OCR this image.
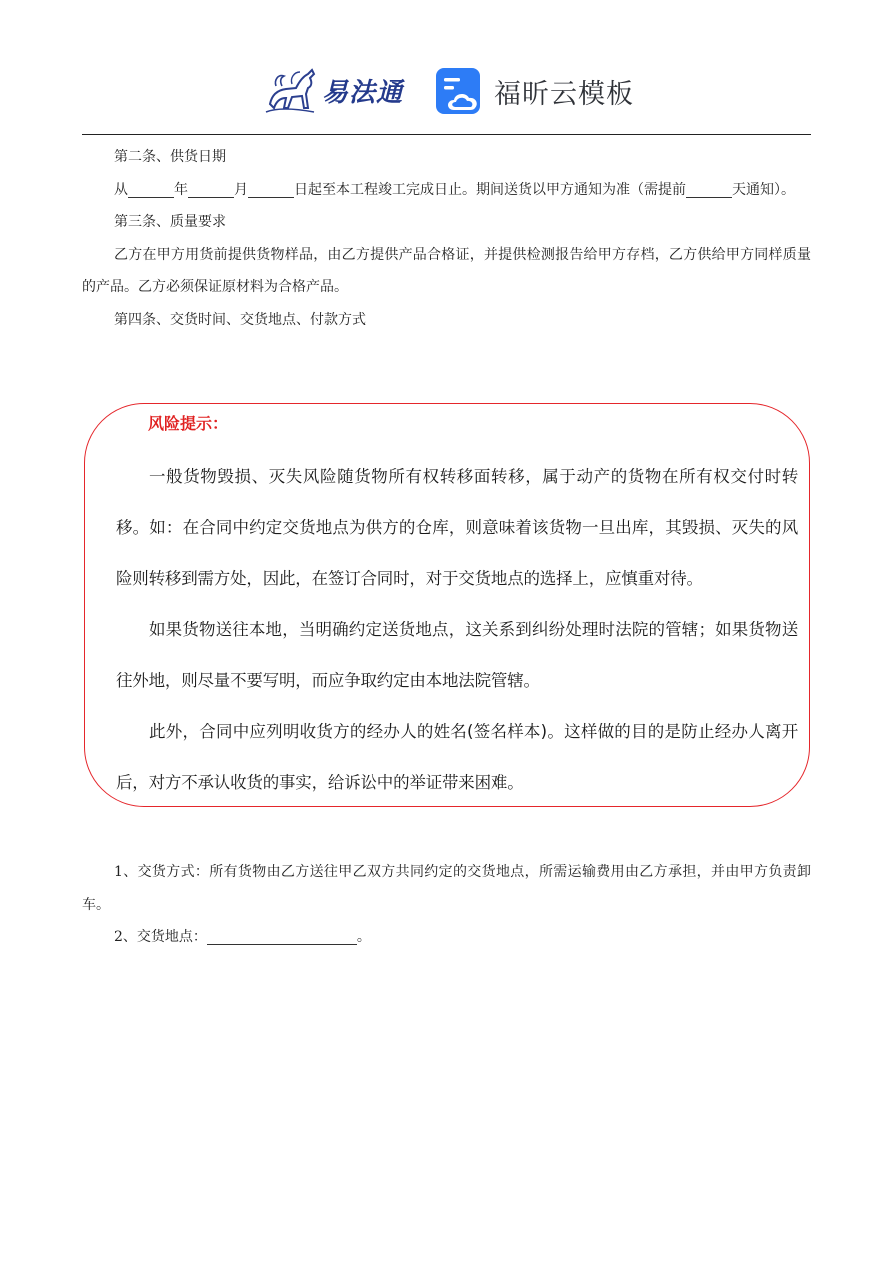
易法通	福昕云模板

第二条、供货日期

从	年	月	日起至本工程竣工完成日止。期间送货以甲方通知为准（需提前	天通知）。

第三条、质量要求

乙方在甲方用货前提供货物样品，由乙方提供产品合格证，并提供检测报告给甲方存档，乙方供给甲方同样质量的产品。乙方必须保证原材料为合格产品。

第四条、交货时间、交货地点、付款方式

风险提示：

一般货物毁损、灭失风险随货物所有权转移面转移，属于动产的货物在所有权交付时转移。如：在合同中约定交货地点为供方的仓库，则意味着该货物一旦出库，其毁损、灭失的风险则转移到需方处，因此，在签订合同时，对于交货地点的选择上，应慎重对待。

如果货物送往本地，当明确约定送货地点，这关系到纠纷处理时法院的管辖；如果货物送往外地，则尽量不要写明，而应争取约定由本地法院管辖。

此外，合同中应列明收货方的经办人的姓名(签名样本)。这样做的目的是防止经办人离开后，对方不承认收货的事实，给诉讼中的举证带来困难。

1、交货方式：所有货物由乙方送往甲乙双方共同约定的交货地点，所需运输费用由乙方承担，并由甲方负责卸车。

2、交货地点：	。
